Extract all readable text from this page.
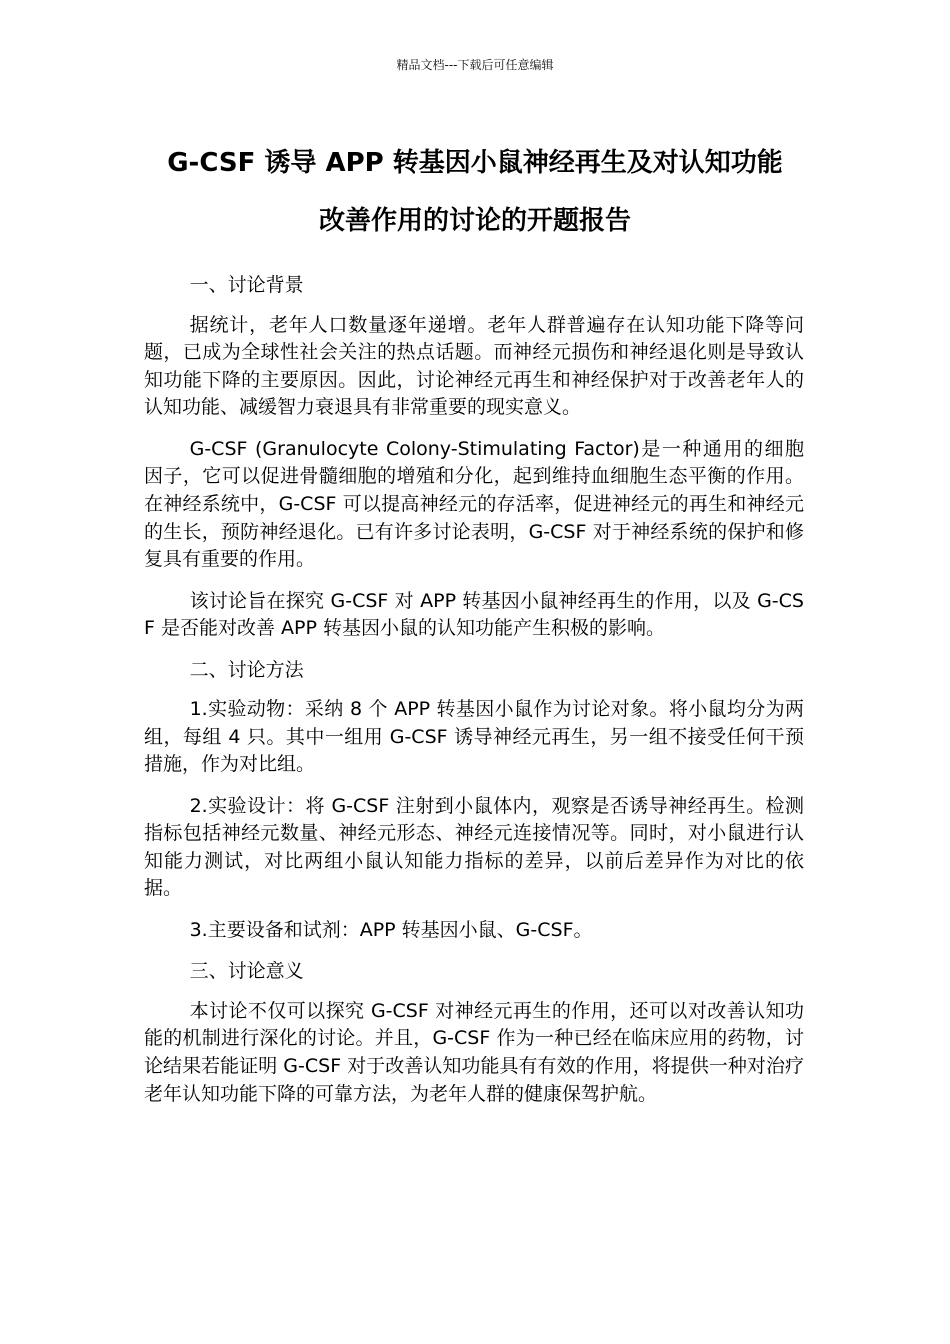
精品文档---下载后可任意编辑
G-CSF 诱导 APP 转基因小鼠神经再生及对认知功能
改善作用的讨论的开题报告

一、讨论背景

据统计，老年人口数量逐年递增。老年人群普遍存在认知功能下降等问题，已成为全球性社会关注的热点话题。而神经元损伤和神经退化则是导致认知功能下降的主要原因。因此，讨论神经元再生和神经保护对于改善老年人的认知功能、减缓智力衰退具有非常重要的现实意义。

G-CSF (Granulocyte Colony-Stimulating Factor)是一种通用的细胞因子，它可以促进骨髓细胞的增殖和分化，起到维持血细胞生态平衡的作用。在神经系统中，G-CSF 可以提高神经元的存活率，促进神经元的再生和神经元的生长，预防神经退化。已有许多讨论表明，G-CSF 对于神经系统的保护和修复具有重要的作用。

该讨论旨在探究 G-CSF 对 APP 转基因小鼠神经再生的作用，以及 G-CSF 是否能对改善 APP 转基因小鼠的认知功能产生积极的影响。

二、讨论方法

1.实验动物：采纳 8 个 APP 转基因小鼠作为讨论对象。将小鼠均分为两组，每组 4 只。其中一组用 G-CSF 诱导神经元再生，另一组不接受任何干预措施，作为对比组。

2.实验设计：将 G-CSF 注射到小鼠体内，观察是否诱导神经再生。检测指标包括神经元数量、神经元形态、神经元连接情况等。同时，对小鼠进行认知能力测试，对比两组小鼠认知能力指标的差异，以前后差异作为对比的依据。

3.主要设备和试剂：APP 转基因小鼠、G-CSF。

三、讨论意义

本讨论不仅可以探究 G-CSF 对神经元再生的作用，还可以对改善认知功能的机制进行深化的讨论。并且，G-CSF 作为一种已经在临床应用的药物，讨论结果若能证明 G-CSF 对于改善认知功能具有有效的作用，将提供一种对治疗老年认知功能下降的可靠方法，为老年人群的健康保驾护航。
